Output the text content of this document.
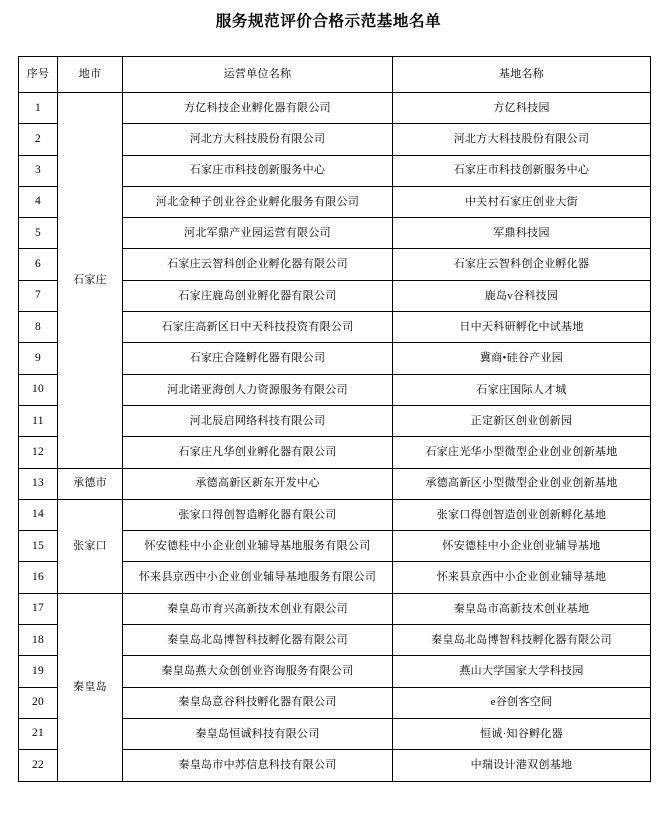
服务规范评价合格示范基地名单
序号	地市	运营单位名称	基地名称
1	石家庄	方亿科技企业孵化器有限公司	方亿科技园
2		河北方大科技股份有限公司	河北方大科技股份有限公司
3		石家庄市科技创新服务中心	石家庄市科技创新服务中心
4		河北金种子创业谷企业孵化服务有限公司	中关村石家庄创业大街
5		河北军鼎产业园运营有限公司	军鼎科技园
6		石家庄云智科创企业孵化器有限公司	石家庄云智科创企业孵化器
7		石家庄鹿岛创业孵化器有限公司	鹿岛v谷科技园
8		石家庄高新区日中天科技投资有限公司	日中天科研孵化中试基地
9		石家庄合隆孵化器有限公司	冀商•硅谷产业园
10		河北诺亚海创人力资源服务有限公司	石家庄国际人才城
11		河北辰启网络科技有限公司	正定新区创业创新园
12		石家庄凡华创业孵化器有限公司	石家庄光华小型微型企业创业创新基地
13	承德市	承德高新区新东开发中心	承德高新区小型微型企业创业创新基地
14	张家口	张家口得创智造孵化器有限公司	张家口得创智造创业创新孵化基地
15		怀安德桂中小企业创业辅导基地服务有限公司	怀安德桂中小企业创业辅导基地
16		怀来县京西中小企业创业辅导基地服务有限公司	怀来县京西中小企业创业辅导基地
17	秦皇岛	秦皇岛市育兴高新技术创业有限公司	秦皇岛市高新技术创业基地
18		秦皇岛北岛博智科技孵化器有限公司	秦皇岛北岛博智科技孵化器有限公司
19		秦皇岛燕大众创创业咨询服务有限公司	燕山大学国家大学科技园
20		秦皇岛意谷科技孵化器有限公司	e谷创客空间
21		秦皇岛恒诚科技有限公司	恒诚·知谷孵化器
22		秦皇岛市中苏信息科技有限公司	中瑞设计港双创基地
